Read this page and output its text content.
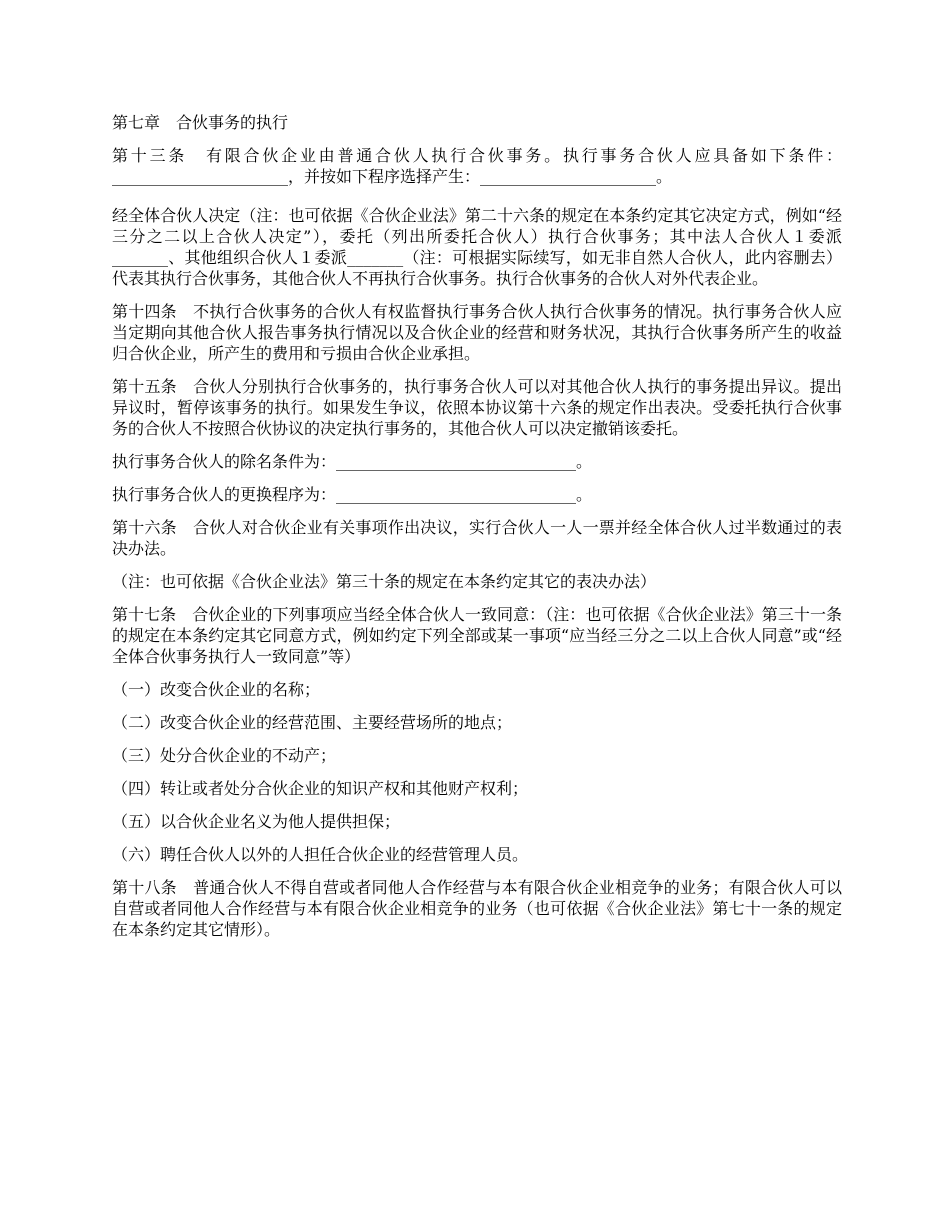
第七章　合伙事务的执行

第十三条　有限合伙企业由普通合伙人执行合伙事务。执行事务合伙人应具备如下条件：______________________，并按如下程序选择产生：______________________。

经全体合伙人决定（注：也可依据《合伙企业法》第二十六条的规定在本条约定其它决定方式，例如“经三分之二以上合伙人决定”），委托（列出所委托合伙人）执行合伙事务；其中法人合伙人１委派_______、其他组织合伙人１委派_______（注：可根据实际续写，如无非自然人合伙人，此内容删去）代表其执行合伙事务，其他合伙人不再执行合伙事务。执行合伙事务的合伙人对外代表企业。

第十四条　不执行合伙事务的合伙人有权监督执行事务合伙人执行合伙事务的情况。执行事务合伙人应当定期向其他合伙人报告事务执行情况以及合伙企业的经营和财务状况，其执行合伙事务所产生的收益归合伙企业，所产生的费用和亏损由合伙企业承担。

第十五条　合伙人分别执行合伙事务的，执行事务合伙人可以对其他合伙人执行的事务提出异议。提出异议时，暂停该事务的执行。如果发生争议，依照本协议第十六条的规定作出表决。受委托执行合伙事务的合伙人不按照合伙协议的决定执行事务的，其他合伙人可以决定撤销该委托。

执行事务合伙人的除名条件为：______________________________。

执行事务合伙人的更换程序为：______________________________。

第十六条　合伙人对合伙企业有关事项作出决议，实行合伙人一人一票并经全体合伙人过半数通过的表决办法。

（注：也可依据《合伙企业法》第三十条的规定在本条约定其它的表决办法）

第十七条　合伙企业的下列事项应当经全体合伙人一致同意：（注：也可依据《合伙企业法》第三十一条的规定在本条约定其它同意方式，例如约定下列全部或某一事项“应当经三分之二以上合伙人同意”或“经全体合伙事务执行人一致同意”等）

（一）改变合伙企业的名称；

（二）改变合伙企业的经营范围、主要经营场所的地点；

（三）处分合伙企业的不动产；

（四）转让或者处分合伙企业的知识产权和其他财产权利；

（五）以合伙企业名义为他人提供担保；

（六）聘任合伙人以外的人担任合伙企业的经营管理人员。

第十八条　普通合伙人不得自营或者同他人合作经营与本有限合伙企业相竞争的业务；有限合伙人可以自营或者同他人合作经营与本有限合伙企业相竞争的业务（也可依据《合伙企业法》第七十一条的规定在本条约定其它情形）。
